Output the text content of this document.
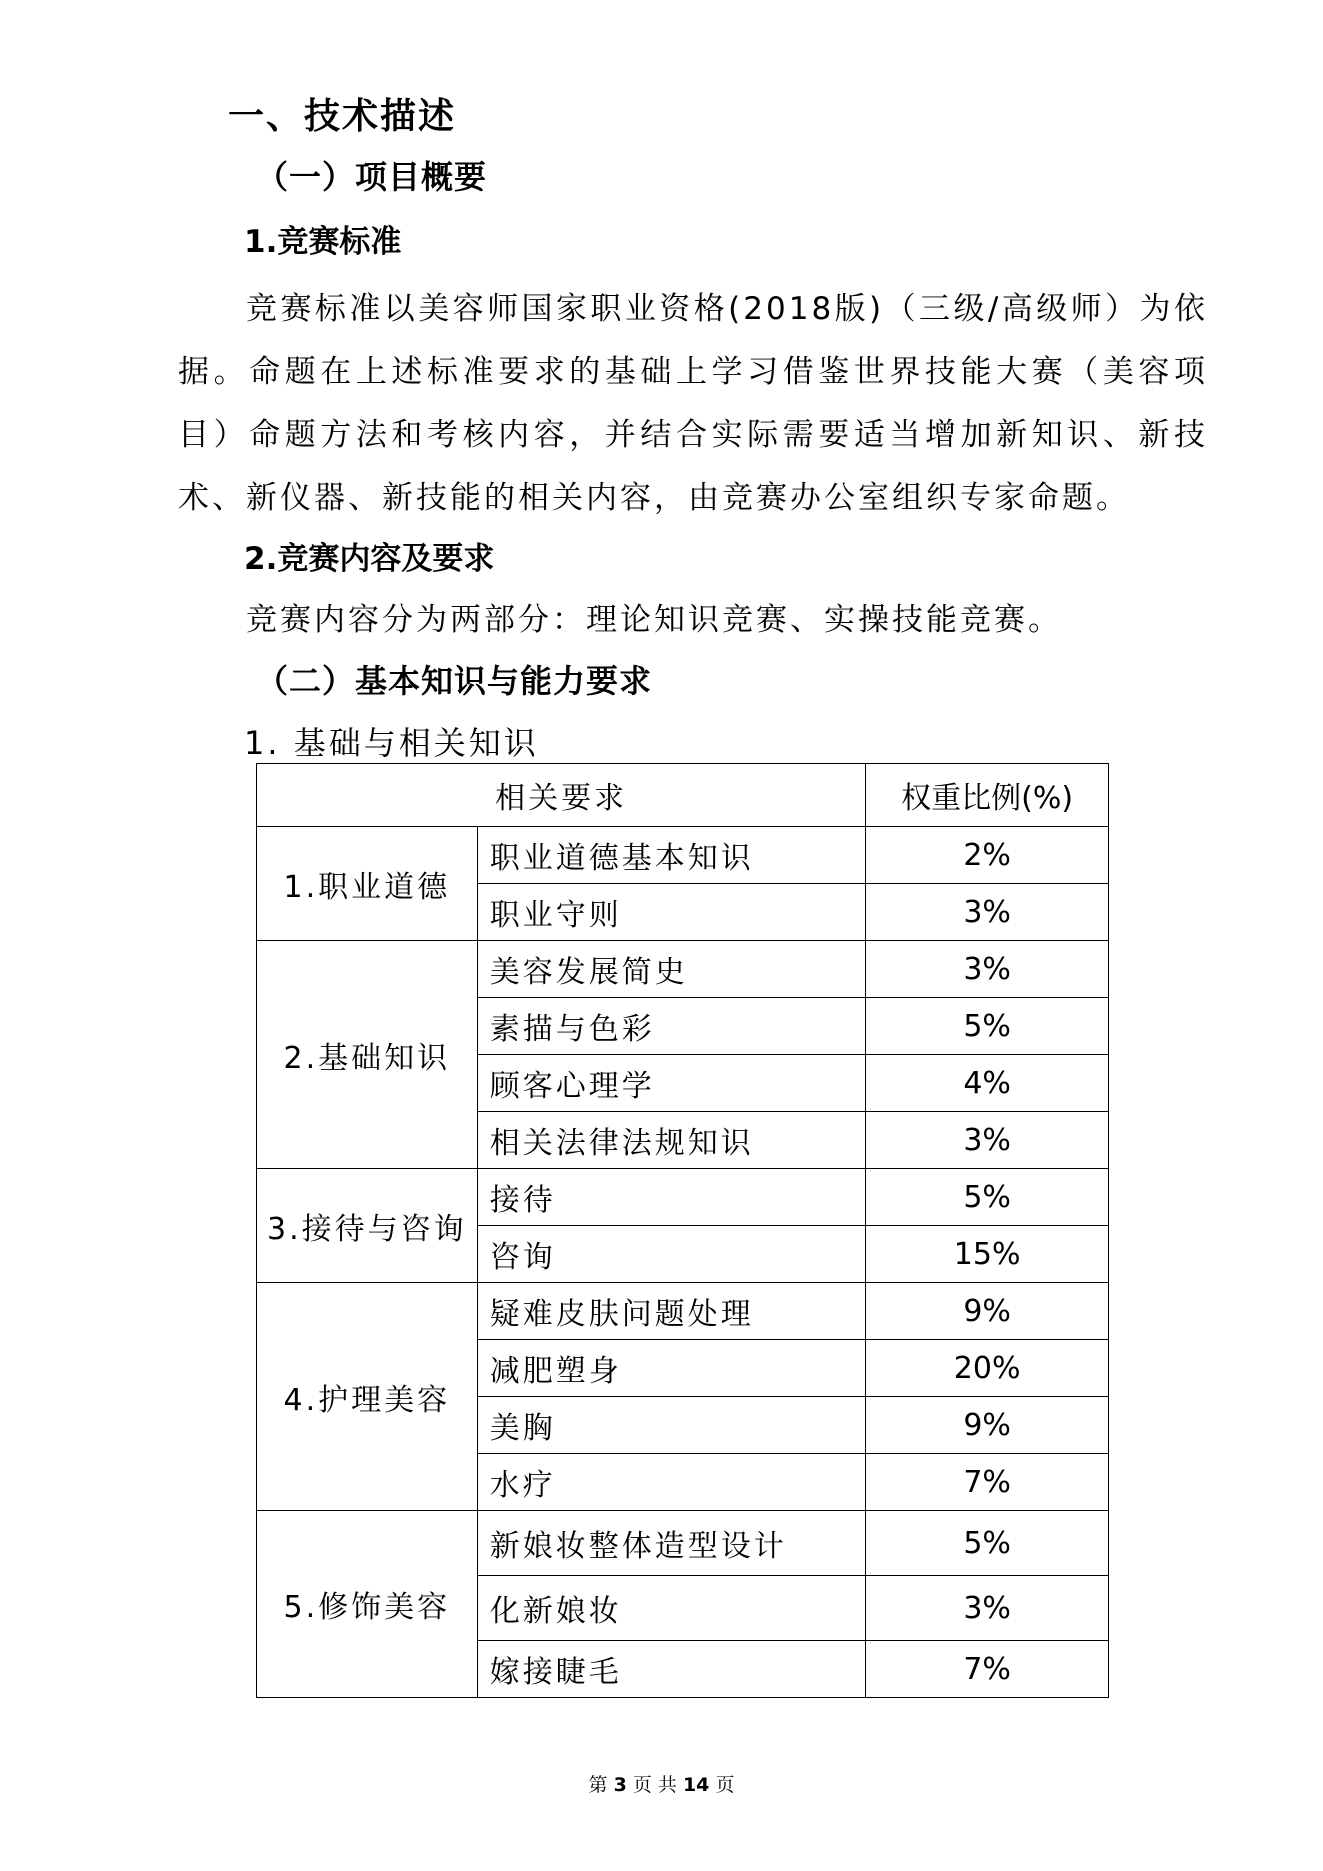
一、技术描述
（一）项目概要
1.竞赛标准
竞赛标准以美容师国家职业资格(2018版)（三级/高级师）为依据。命题在上述标准要求的基础上学习借鉴世界技能大赛（美容项目）命题方法和考核内容，并结合实际需要适当增加新知识、新技术、新仪器、新技能的相关内容，由竞赛办公室组织专家命题。
2.竞赛内容及要求
竞赛内容分为两部分：理论知识竞赛、实操技能竞赛。
（二）基本知识与能力要求
1. 基础与相关知识
相关要求		权重比例(%)
1.职业道德	职业道德基本知识	2%
	职业守则	3%
2.基础知识	美容发展简史	3%
	素描与色彩	5%
	顾客心理学	4%
	相关法律法规知识	3%
3.接待与咨询	接待	5%
	咨询	15%
4.护理美容	疑难皮肤问题处理	9%
	减肥塑身	20%
	美胸	9%
	水疗	7%
5.修饰美容	新娘妆整体造型设计	5%
	化新娘妆	3%
	嫁接睫毛	7%
第 3 页 共 14 页
